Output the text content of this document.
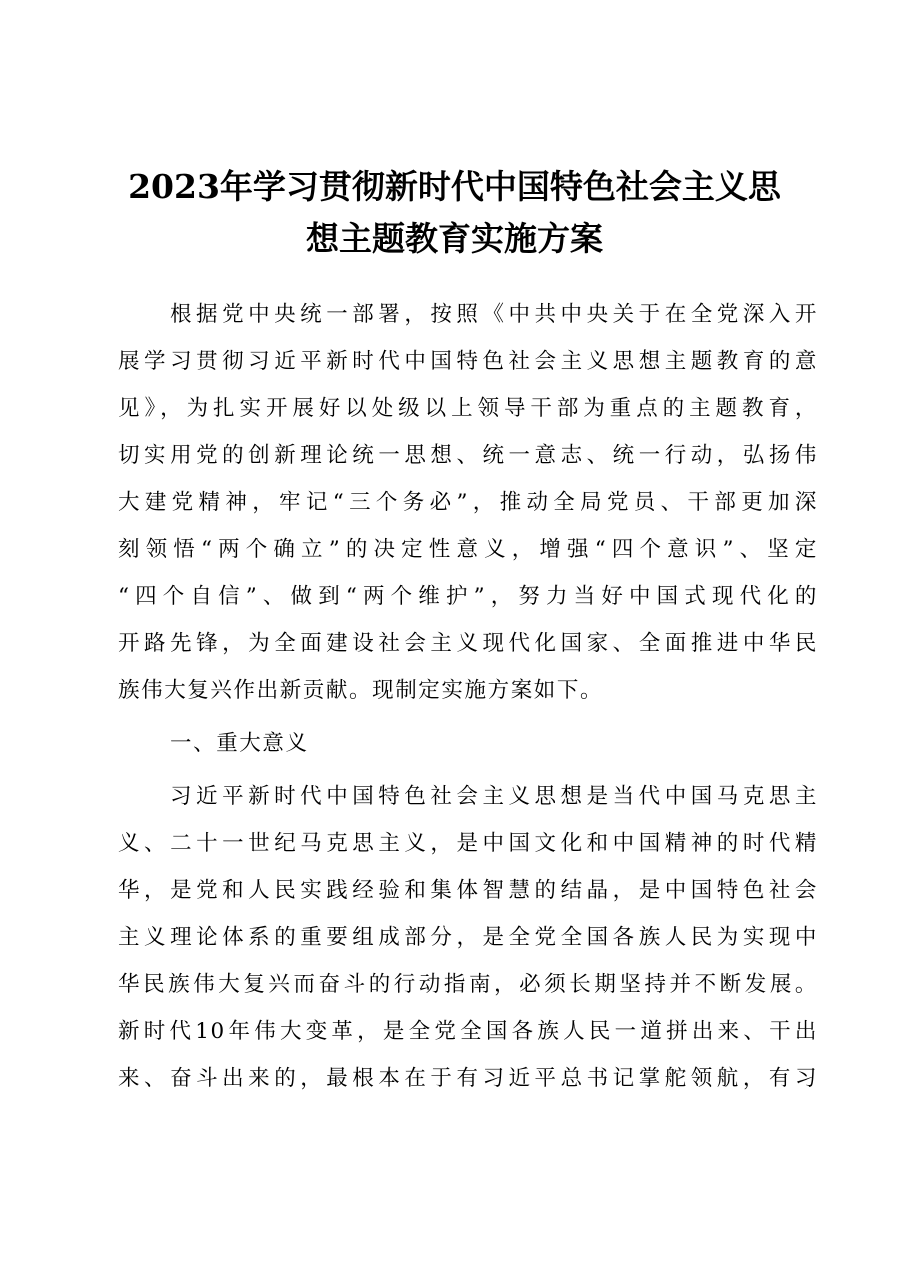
2023年学习贯彻新时代中国特色社会主义思
想主题教育实施方案
根据党中央统一部署，按照《中共中央关于在全党深入开
展学习贯彻习近平新时代中国特色社会主义思想主题教育的意
见》，为扎实开展好以处级以上领导干部为重点的主题教育，
切实用党的创新理论统一思想、统一意志、统一行动，弘扬伟
大建党精神，牢记“三个务必”，推动全局党员、干部更加深
刻领悟“两个确立”的决定性意义，增强“四个意识”、坚定
“四个自信”、做到“两个维护”，努力当好中国式现代化的
开路先锋，为全面建设社会主义现代化国家、全面推进中华民
族伟大复兴作出新贡献。现制定实施方案如下。
一、重大意义
习近平新时代中国特色社会主义思想是当代中国马克思主
义、二十一世纪马克思主义，是中国文化和中国精神的时代精
华，是党和人民实践经验和集体智慧的结晶，是中国特色社会
主义理论体系的重要组成部分，是全党全国各族人民为实现中
华民族伟大复兴而奋斗的行动指南，必须长期坚持并不断发展。
新时代10年伟大变革，是全党全国各族人民一道拼出来、干出
来、奋斗出来的，最根本在于有习近平总书记掌舵领航，有习
